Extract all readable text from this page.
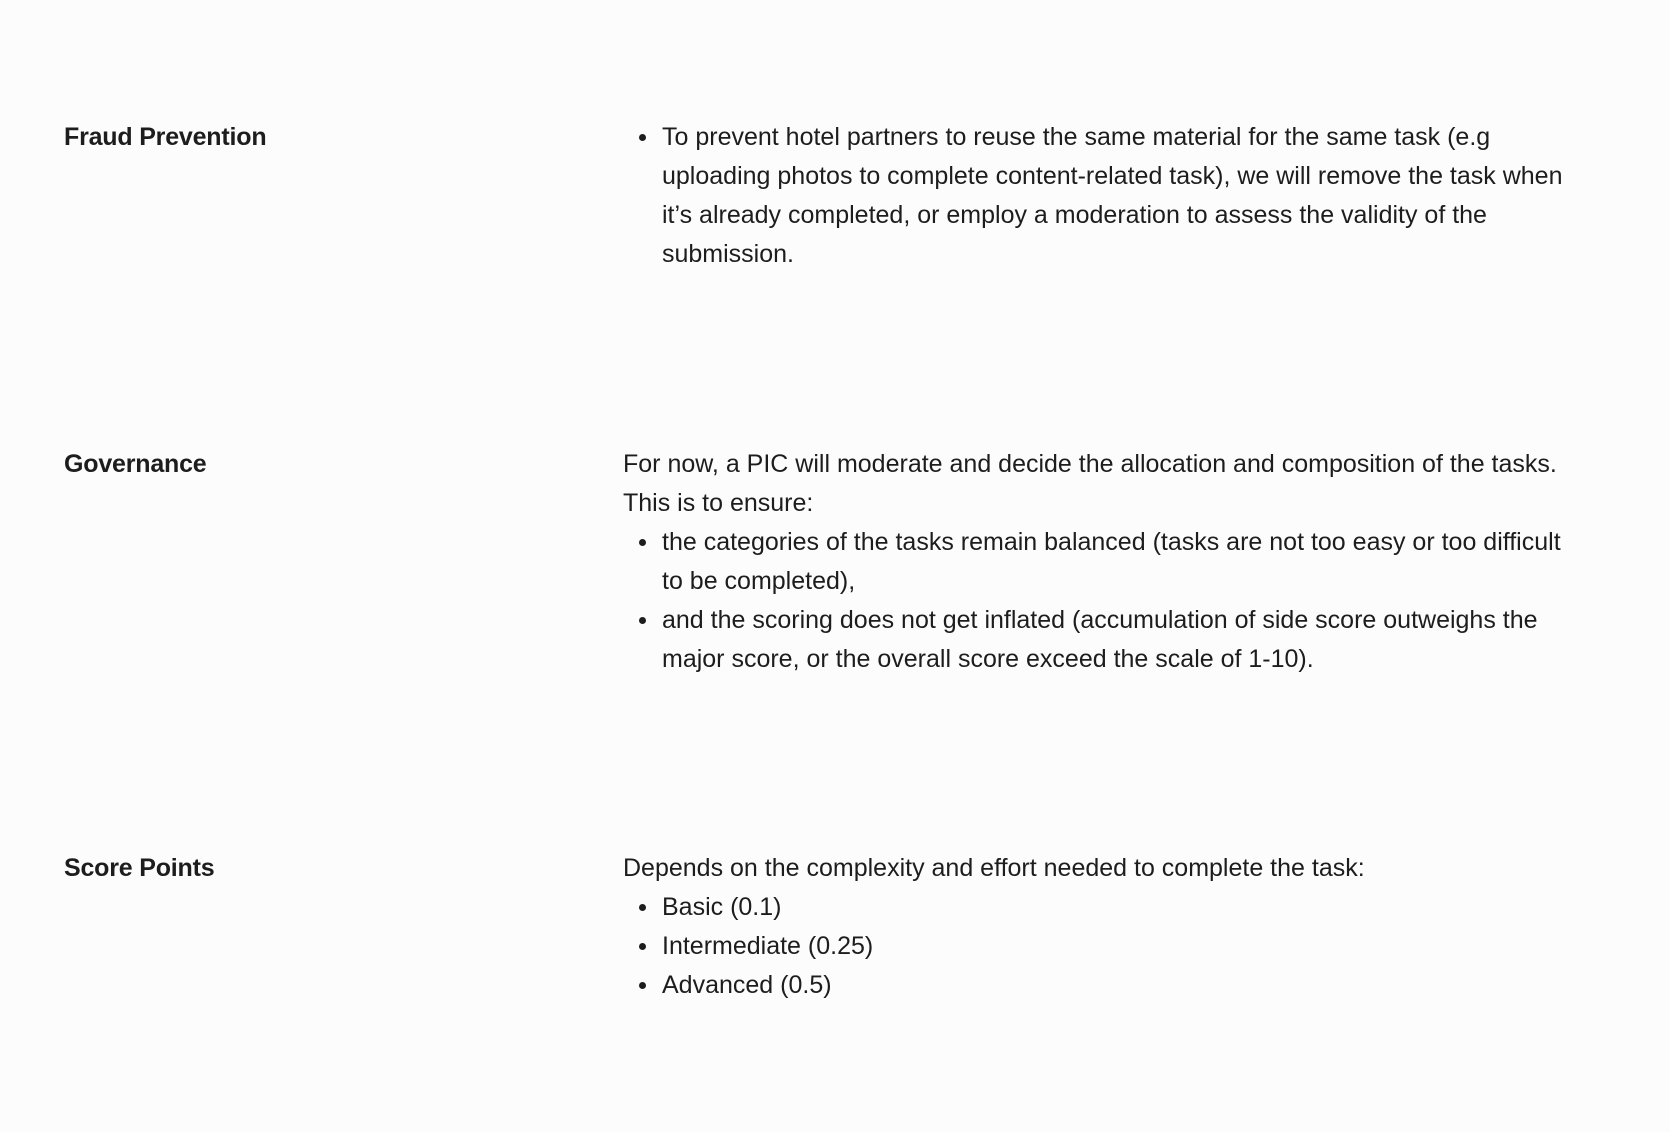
Fraud Prevention	To prevent hotel partners to reuse the same material for the same task (e.g uploading photos to complete content-related task), we will remove the task when it’s already completed, or employ a moderation to assess the validity of the submission.
Governance	For now, a PIC will moderate and decide the allocation and composition of the tasks. This is to ensure:

the categories of the tasks remain balanced (tasks are not too easy or too difficult to be completed),
and the scoring does not get inflated (accumulation of side score outweighs the major score, or the overall score exceed the scale of 1-10).
Score Points	Depends on the complexity and effort needed to complete the task:

Basic (0.1)
Intermediate (0.25)
Advanced (0.5)
